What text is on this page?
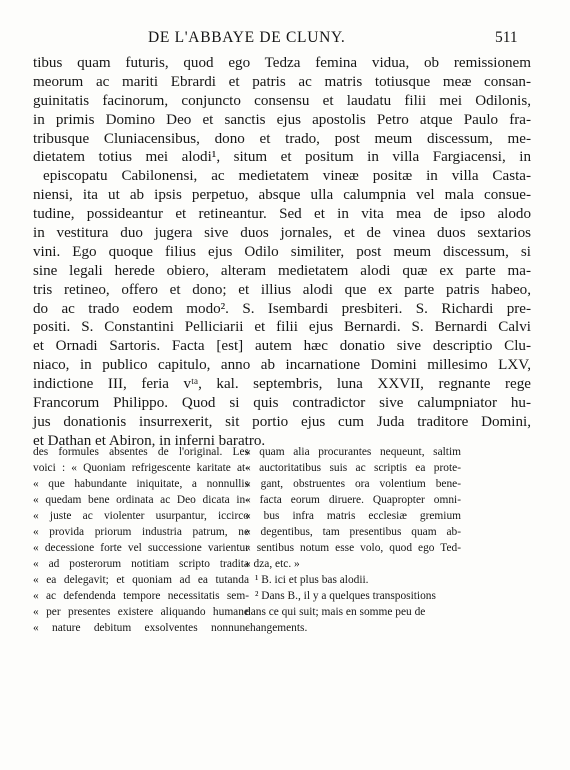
DE L'ABBAYE DE CLUNY.	511
tibus quam futuris, quod ego Tedza femina vidua, ob remissionem
meorum ac mariti Ebrardi et patris ac matris totiusque meæ consan-
guinitatis facinorum, conjuncto consensu et laudatu filii mei Odilonis,
in primis Domino Deo et sanctis ejus apostolis Petro atque Paulo fra-
tribusque Cluniacensibus, dono et trado, post meum discessum, me-
dietatem totius mei alodi¹, situm et positum in villa Fargiacensi, in
episcopatu Cabilonensi, ac medietatem vineæ positæ in villa Casta-
niensi, ita ut ab ipsis perpetuo, absque ulla calumpnia vel mala consue-
tudine, possideantur et retineantur. Sed et in vita mea de ipso alodo
in vestitura duo jugera sive duos jornales, et de vinea duos sextarios
vini. Ego quoque filius ejus Odilo similiter, post meum discessum, si
sine legali herede obiero, alteram medietatem alodi quæ ex parte ma-
tris retineo, offero et dono; et illius alodi que ex parte patris habeo,
do ac trado eodem modo². S. Isembardi presbiteri. S. Richardi pre-
positi. S. Constantini Pelliciarii et filii ejus Bernardi. S. Bernardi Calvi
et Ornadi Sartoris. Facta [est] autem hæc donatio sive descriptio Clu-
niaco, in publico capitulo, anno ab incarnatione Domini millesimo LXV,
indictione III, feria vᵗᵃ, kal. septembris, luna XXVII, regnante rege
Francorum Philippo. Quod si quis contradictor sive calumpniator hu-
jus donationis insurrexerit, sit portio ejus cum Juda traditore Domini,
et Dathan et Abiron, in inferni baratro.
des formules absentes de l'original. Les
voici : « Quoniam refrigescente karitate at-
« que habundante iniquitate, a nonnullis
« quedam bene ordinata ac Deo dicata in-
« juste ac violenter usurpantur, iccirco
« provida priorum industria patrum, ne
« decessione forte vel successione varientur
« ad posterorum notitiam scripto tradita
« ea delegavit; et quoniam ad ea tutanda
« ac defendenda tempore necessitatis sem-
« per presentes existere aliquando humane
« nature debitum exsolventes nonnun-
« quam alia procurantes nequeunt, saltim
« auctoritatibus suis ac scriptis ea prote-
« gant, obstruentes ora volentium bene-
« facta eorum diruere. Quapropter omni-
« bus infra matris ecclesiæ gremium
« degentibus, tam presentibus quam ab-
« sentibus notum esse volo, quod ego Ted-
« dza, etc. »
¹ B. ici et plus bas alodii.
² Dans B., il y a quelques transpositions
dans ce qui suit; mais en somme peu de
changements.
